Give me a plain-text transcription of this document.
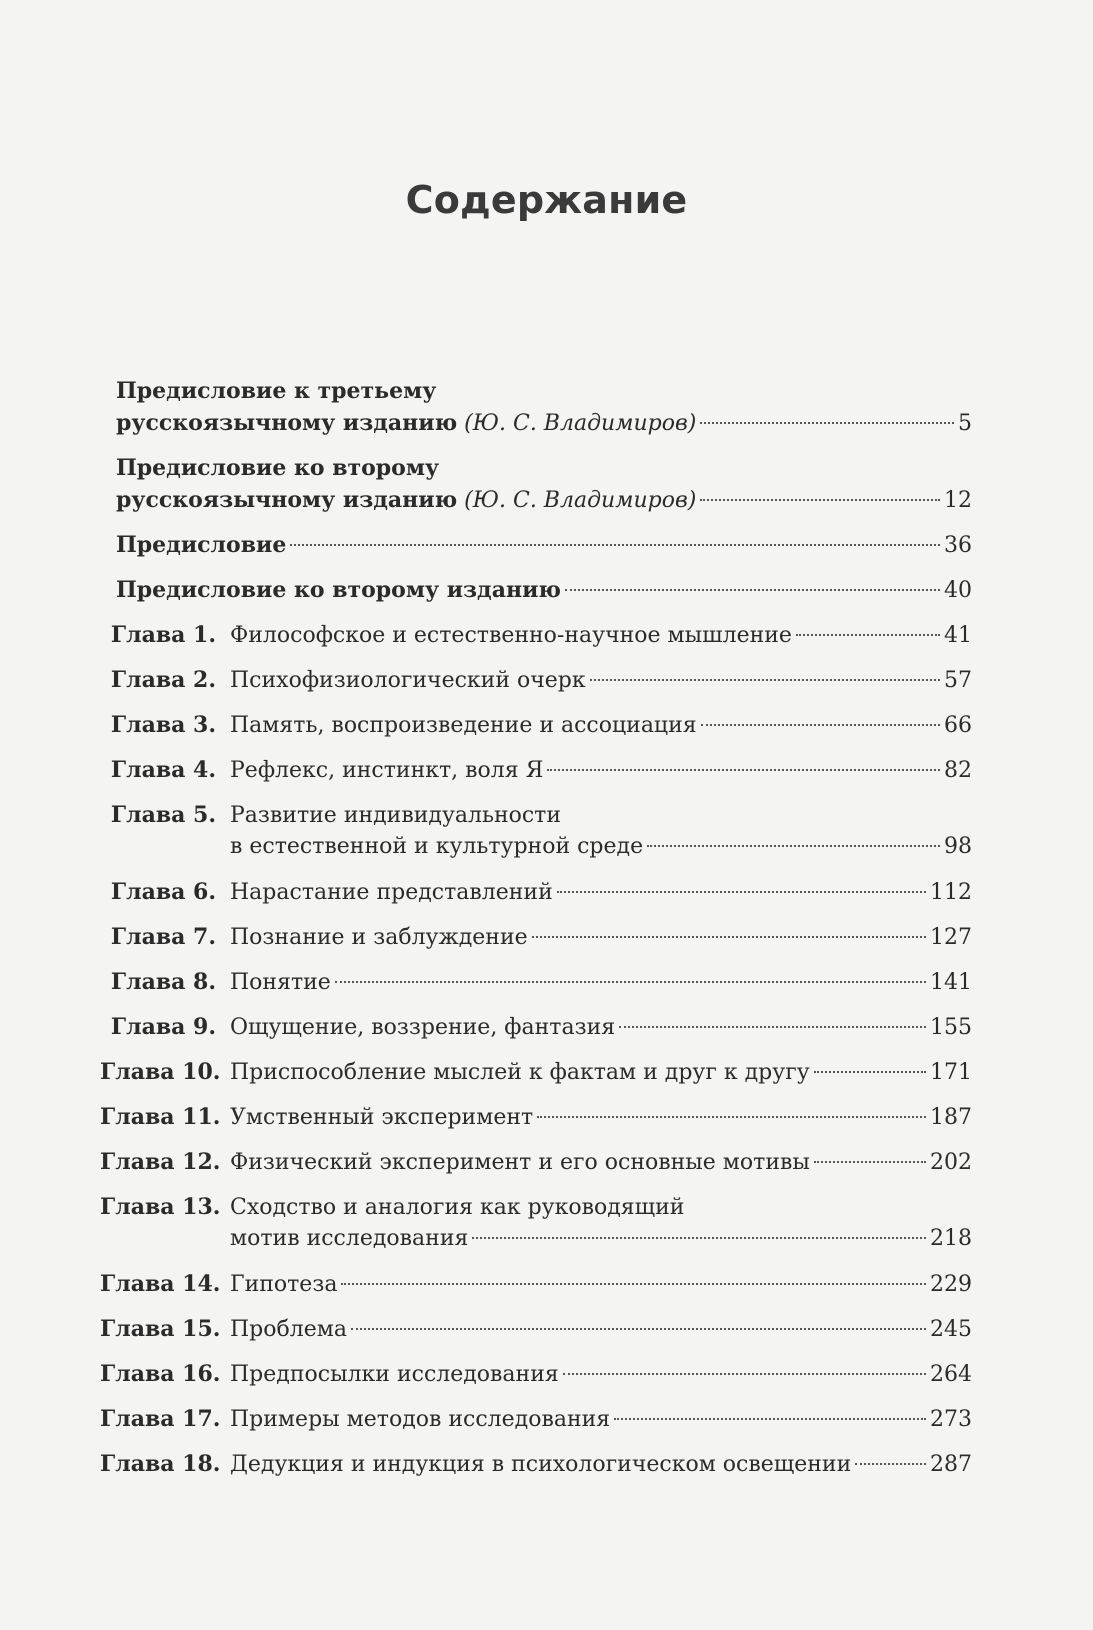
Содержание
Предисловие к третьему
русскоязычному изданию (Ю. С. Владимиров)	5
Предисловие ко второму
русскоязычному изданию (Ю. С. Владимиров)	12
Предисловие	36
Предисловие ко второму изданию	40
Глава 1. Философское и естественно-научное мышление	41
Глава 2. Психофизиологический очерк	57
Глава 3. Память, воспроизведение и ассоциация	66
Глава 4. Рефлекс, инстинкт, воля Я	82
Глава 5. Развитие индивидуальности
в естественной и культурной среде	98
Глава 6. Нарастание представлений	112
Глава 7. Познание и заблуждение	127
Глава 8. Понятие	141
Глава 9. Ощущение, воззрение, фантазия	155
Глава 10. Приспособление мыслей к фактам и друг к другу	171
Глава 11. Умственный эксперимент	187
Глава 12. Физический эксперимент и его основные мотивы	202
Глава 13. Сходство и аналогия как руководящий
мотив исследования	218
Глава 14. Гипотеза	229
Глава 15. Проблема	245
Глава 16. Предпосылки исследования	264
Глава 17. Примеры методов исследования	273
Глава 18. Дедукция и индукция в психологическом освещении	287
